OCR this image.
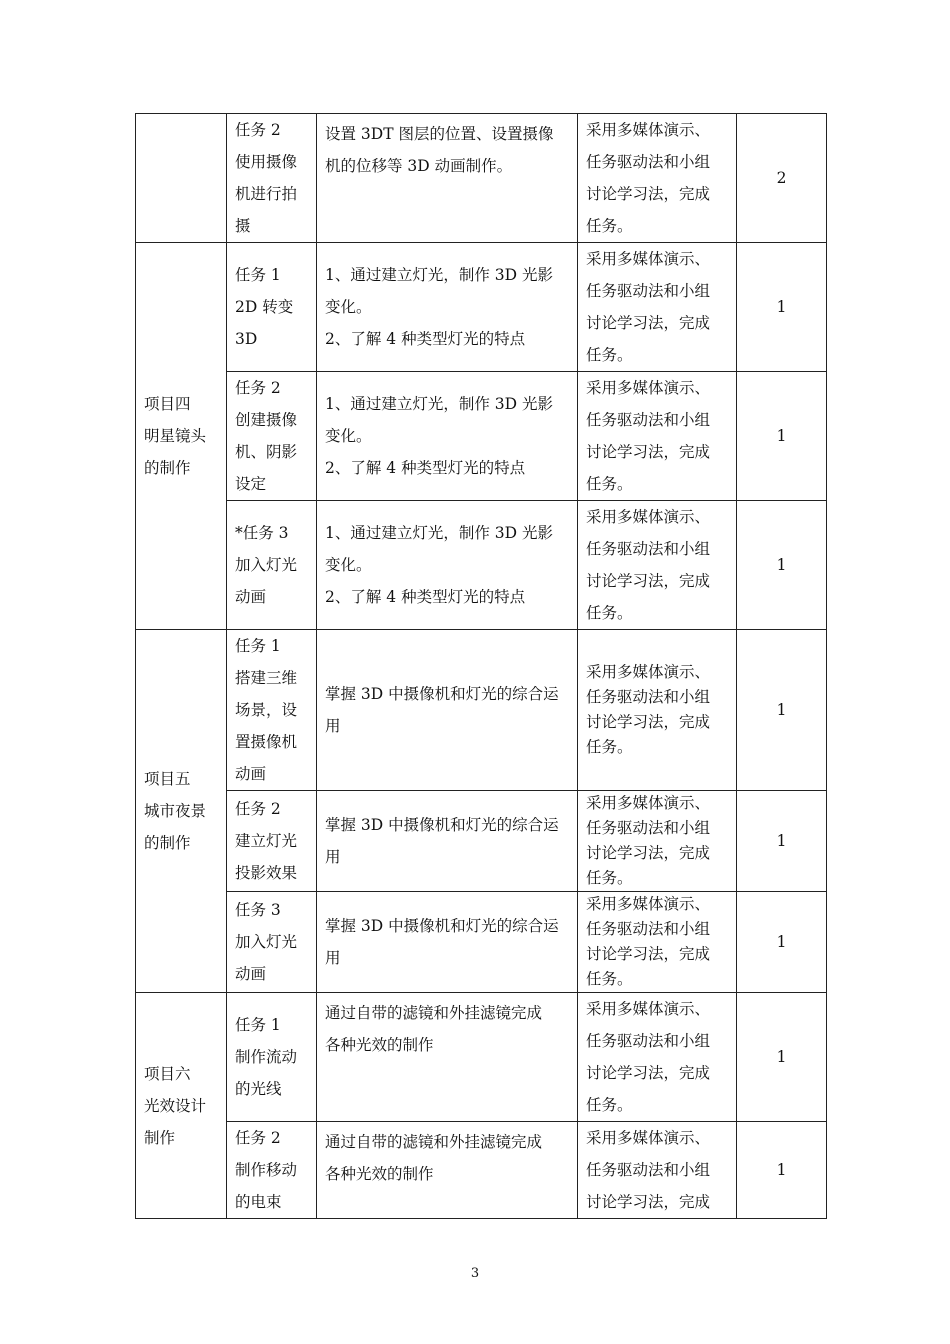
	任务 2
使用摄像
机进行拍
摄	设置 3DT 图层的位置、设置摄像
机的位移等 3D 动画制作。	采用多媒体演示、
任务驱动法和小组
讨论学习法，完成
任务。	2
项目四
明星镜头
的制作	任务 1
2D 转变 3D	1、通过建立灯光，制作 3D 光影
变化。
2、了解 4 种类型灯光的特点	采用多媒体演示、
任务驱动法和小组
讨论学习法，完成
任务。	1
	任务 2
创建摄像
机、阴影
设定	1、通过建立灯光，制作 3D 光影
变化。
2、了解 4 种类型灯光的特点	采用多媒体演示、
任务驱动法和小组
讨论学习法，完成
任务。	1
	*任务 3
加入灯光
动画	1、通过建立灯光，制作 3D 光影
变化。
2、了解 4 种类型灯光的特点	采用多媒体演示、
任务驱动法和小组
讨论学习法，完成
任务。	1
项目五
城市夜景
的制作	任务 1
搭建三维
场景，设
置摄像机
动画	掌握 3D 中摄像机和灯光的综合运
用	采用多媒体演示、
任务驱动法和小组
讨论学习法，完成
任务。	1
	任务 2
建立灯光
投影效果	掌握 3D 中摄像机和灯光的综合运
用	采用多媒体演示、
任务驱动法和小组
讨论学习法，完成
任务。	1
	任务 3
加入灯光
动画	掌握 3D 中摄像机和灯光的综合运
用	采用多媒体演示、
任务驱动法和小组
讨论学习法，完成
任务。	1
项目六
光效设计
制作	任务 1
制作流动
的光线	通过自带的滤镜和外挂滤镜完成
各种光效的制作	采用多媒体演示、
任务驱动法和小组
讨论学习法，完成
任务。	1
	任务 2
制作移动
的电束	通过自带的滤镜和外挂滤镜完成
各种光效的制作	采用多媒体演示、
任务驱动法和小组
讨论学习法，完成	1
3
